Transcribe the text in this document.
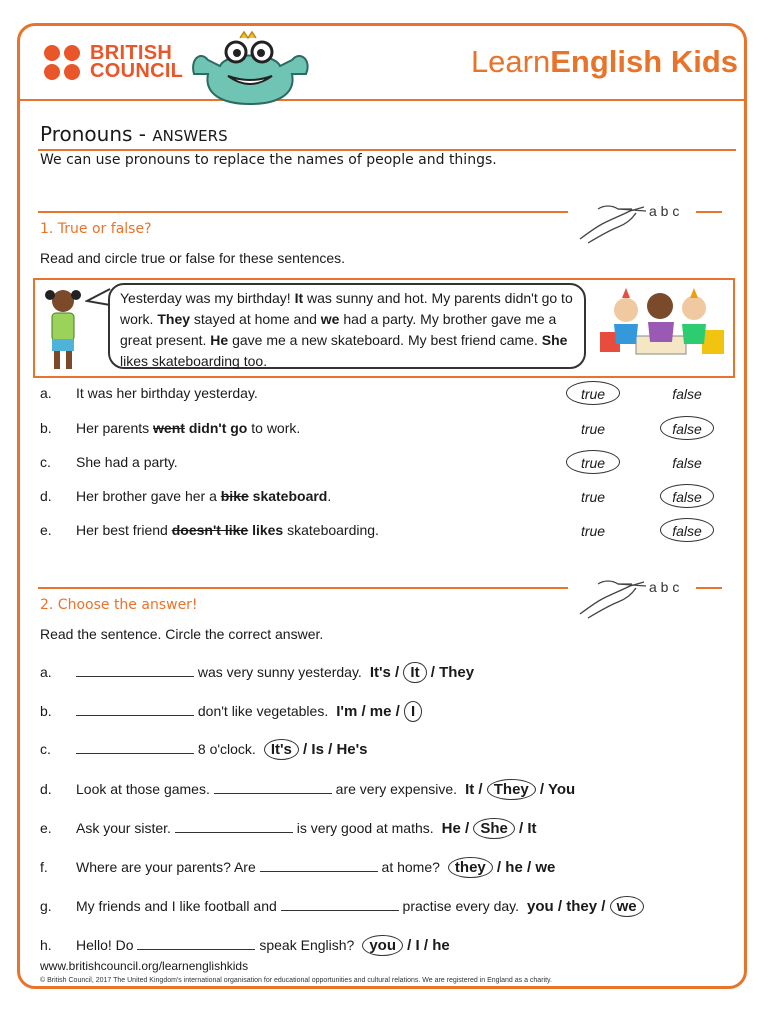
BRITISH
COUNCIL	LearnEnglish Kids
Pronouns - ANSWERS
We can use pronouns to replace the names of people and things.
a b c
1. True or false?
Read and circle true or false for these sentences.
Yesterday was my birthday! It was sunny and hot. My parents didn't go to work. They stayed at home and we had a party. My brother gave me a great present. He gave me a new skateboard. My best friend came. She likes skateboarding too.
a. It was her birthday yesterday.	true	false
b. Her parents went didn't go to work.	true	false
c. She had a party.	true	false
d. Her brother gave her a bike skateboard.	true	false
e. Her best friend doesn't like likes skateboarding.	true	false
a b c
2. Choose the answer!
Read the sentence. Circle the correct answer.
a.	was very sunny yesterday. It's / It / They
b.	don't like vegetables. I'm / me / I
c.	8 o'clock. It's / Is / He's
d. Look at those games.	are very expensive. It / They / You
e. Ask your sister.	is very good at maths. He / She / It
f. Where are your parents? Are	at home? they / he / we
g. My friends and I like football and	practise every day. you / they / we
h. Hello! Do	speak English? you / I / he
www.britishcouncil.org/learnenglishkids
© British Council, 2017 The United Kingdom's international organisation for educational opportunities and cultural relations. We are registered in England as a charity.
